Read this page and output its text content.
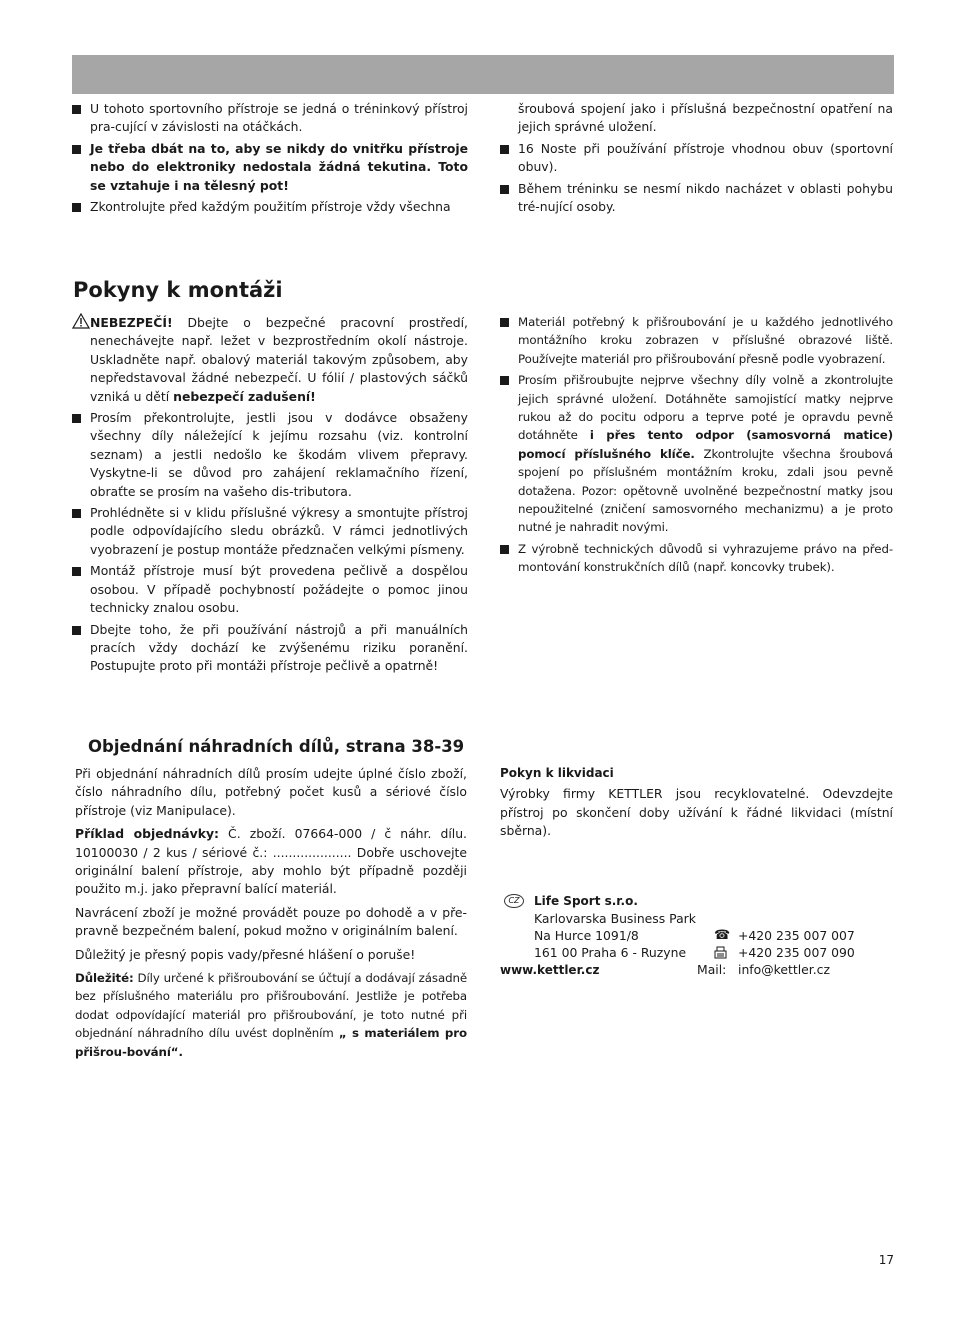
U tohoto sportovního přístroje se jedná o tréninkový přístroj pra-cující v závislosti na otáčkách.
Je třeba dbát na to, aby se nikdy do vnitřku přístroje nebo do elektroniky nedostala žádná tekutina. Toto se vztahuje i na tělesný pot!
Zkontrolujte před každým použitím přístroje vždy všechna
šroubová spojení jako i příslušná bezpečnostní opatření na jejich správné uložení.
16 Noste při používání přístroje vhodnou obuv (sportovní obuv).
Během tréninku se nesmí nikdo nacházet v oblasti pohybu tré-nující osoby.
Pokyny k montáži
NEBEZPEČÍ! Dbejte o bezpečné pracovní prostředí, nenechávejte např. ležet v bezprostředním okolí nástroje. Uskladněte např. obalový materiál takovým způsobem, aby nepředstavoval žádné nebezpečí. U fólií / plastových sáčků vzniká u dětí nebezpečí zadušení!
Prosím překontrolujte, jestli jsou v dodávce obsaženy všechny díly náležející k jejímu rozsahu (viz. kontrolní seznam) a jestli nedošlo ke škodám vlivem přepravy. Vyskytne-li se důvod pro zahájení reklamačního řízení, obraťte se prosím na vašeho dis-tributora.
Prohlédněte si v klidu příslušné výkresy a smontujte přístroj podle odpovídajícího sledu obrázků. V rámci jednotlivých vyobrazení je postup montáže předznačen velkými písmeny.
Montáž přístroje musí být provedena pečlivě a dospělou osobou. V případě pochybností požádejte o pomoc jinou technicky znalou osobu.
Dbejte toho, že při používání nástrojů a při manuálních pracích vždy dochází ke zvýšenému riziku poranění. Postupujte proto při montáži přístroje pečlivě a opatrně!
Materiál potřebný k přišroubování je u každého jednotlivého montážního kroku zobrazen v příslušné obrazové liště. Používejte materiál pro přišroubování přesně podle vyobrazení.
Prosím přišroubujte nejprve všechny díly volně a zkontrolujte jejich správné uložení. Dotáhněte samojistící matky nejprve rukou až do pocitu odporu a teprve poté je opravdu pevně dotáhněte i přes tento odpor (samosvorná matice) pomocí příslušného klíče. Zkontrolujte všechna šroubová spojení po příslušném montážním kroku, zdali jsou pevně dotažena. Pozor: opětovně uvolněné bezpečnostní matky jsou nepoužitelné (zničení samosvorného mechanizmu) a je proto nutné je nahradit novými.
Z výrobně technických důvodů si vyhrazujeme právo na před-montování konstrukčních dílů (např. koncovky trubek).
Objednání náhradních dílů, strana 38-39

Při objednání náhradních dílů prosím udejte úplné číslo zboží, číslo náhradního dílu, potřebný počet kusů a sériové číslo přístroje (viz Manipulace).

Příklad objednávky: Č. zboží. 07664-000 / č náhr. dílu. 10100030 / 2 kus / sériové č.: .................... Dobře uschovejte originální balení přístroje, aby mohlo být případně později použito m.j. jako přepravní balící materiál.

Navrácení zboží je možné provádět pouze po dohodě a v pře-pravně bezpečném balení, pokud možno v originálním balení.

Důležitý je přesný popis vady/přesné hlášení o poruše!

Důležité: Díly určené k přišroubování se účtují a dodávají zásadně bez příslušného materiálu pro přišroubování. Jestliže je potřeba dodat odpovídající materiál pro přišroubování, je toto nutné při objednání náhradního dílu uvést doplněním „ s materiálem pro přišrou-bování“.

Pokyn k likvidaci

Výrobky firmy KETTLER jsou recyklovatelné. Odevzdejte přístroj po skončení doby užívání k řádné likvidaci (místní sběrna).

CZ	Life Sport s.r.o.
Karlovarska Business Park
Na Hurce 1091/8	☎ +420 235 007 007
161 00 Praha 6 - Ruzyne	+420 235 007 090
www.kettler.cz	Mail: info@kettler.cz
17
